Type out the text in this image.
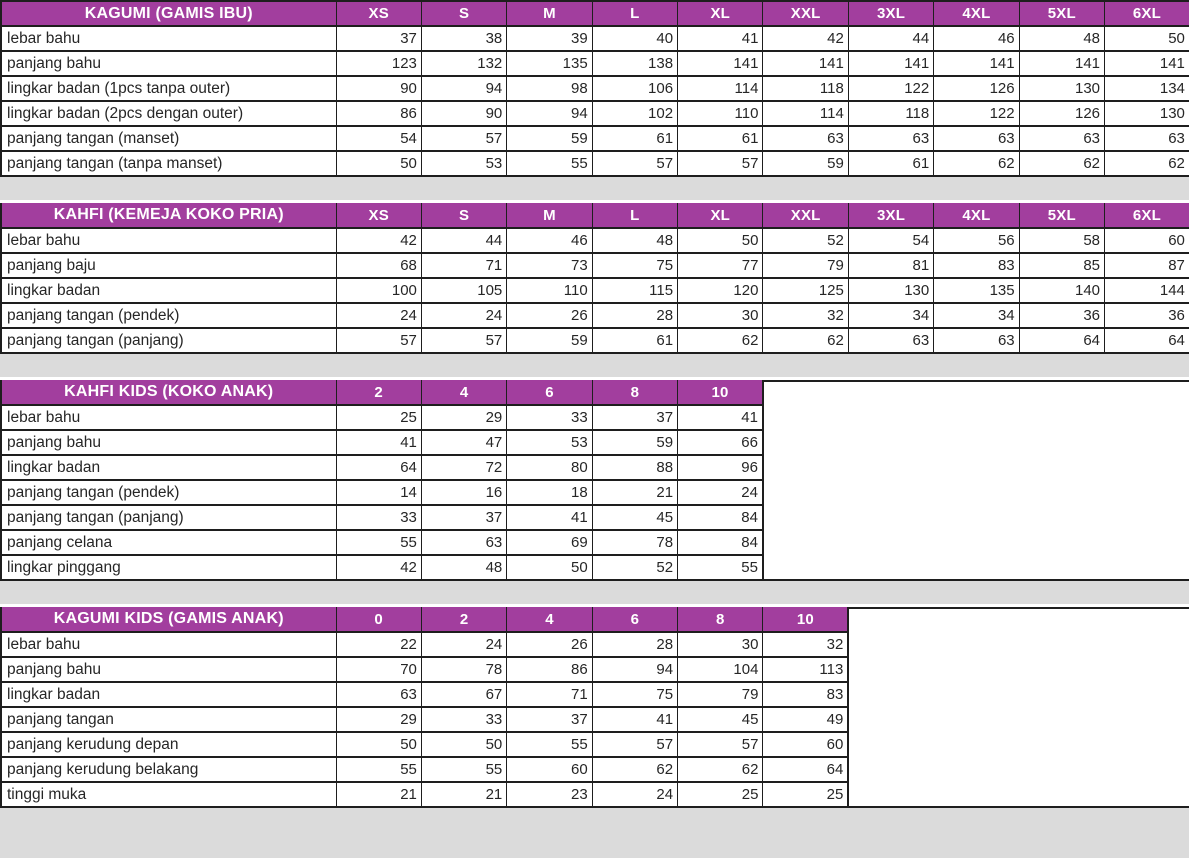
KAGUMI (GAMIS IBU)	XS	S	M	L	XL	XXL	3XL	4XL	5XL	6XL
lebar bahu	37	38	39	40	41	42	44	46	48	50
panjang bahu	123	132	135	138	141	141	141	141	141	141
lingkar badan (1pcs tanpa outer)	90	94	98	106	114	118	122	126	130	134
lingkar badan (2pcs dengan outer)	86	90	94	102	110	114	118	122	126	130
panjang tangan (manset)	54	57	59	61	61	63	63	63	63	63
panjang tangan (tanpa manset)	50	53	55	57	57	59	61	62	62	62
KAHFI (KEMEJA KOKO PRIA)	XS	S	M	L	XL	XXL	3XL	4XL	5XL	6XL
lebar bahu	42	44	46	48	50	52	54	56	58	60
panjang baju	68	71	73	75	77	79	81	83	85	87
lingkar badan	100	105	110	115	120	125	130	135	140	144
panjang tangan (pendek)	24	24	26	28	30	32	34	34	36	36
panjang tangan (panjang)	57	57	59	61	62	62	63	63	64	64
KAHFI KIDS (KOKO ANAK)	2	4	6	8	10
lebar bahu	25	29	33	37	41
panjang bahu	41	47	53	59	66
lingkar badan	64	72	80	88	96
panjang tangan (pendek)	14	16	18	21	24
panjang tangan (panjang)	33	37	41	45	84
panjang celana	55	63	69	78	84
lingkar pinggang	42	48	50	52	55
KAGUMI KIDS (GAMIS ANAK)	0	2	4	6	8	10
lebar bahu	22	24	26	28	30	32
panjang bahu	70	78	86	94	104	113
lingkar badan	63	67	71	75	79	83
panjang tangan	29	33	37	41	45	49
panjang kerudung depan	50	50	55	57	57	60
panjang kerudung belakang	55	55	60	62	62	64
tinggi muka	21	21	23	24	25	25
